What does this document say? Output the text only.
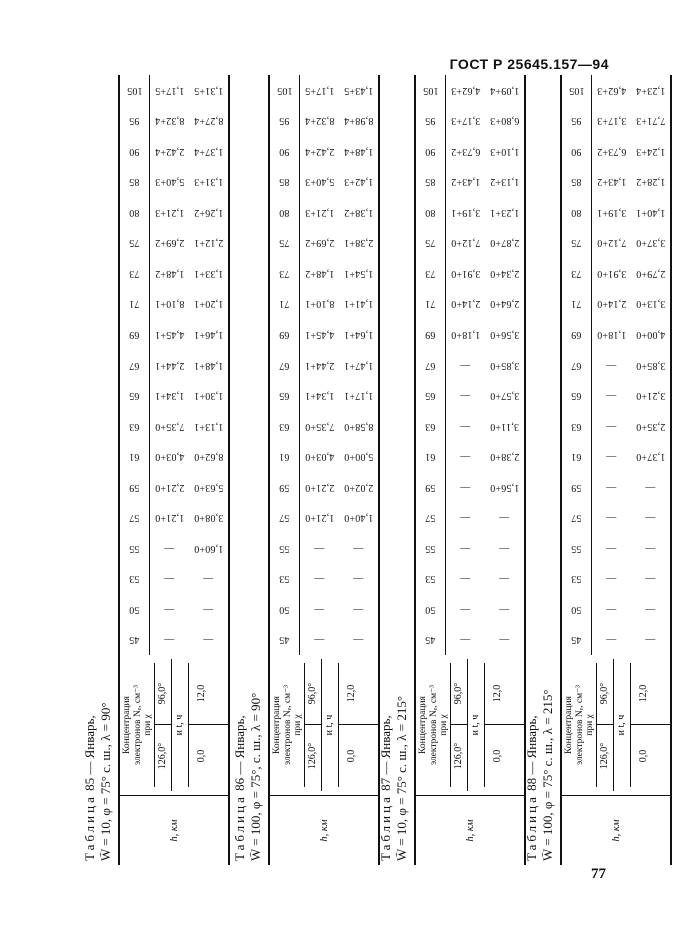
ГОСТ Р 25645.157—94
Таблица 85 — Январь, W̄ = 10, φ = 75° с. ш., λ = 90°	h, км
Концентрация электронов Nₑ, см⁻³ при χ
126,0°
96,0°
и t, ч
0,0
12,0
45 —	—
50 —	—
53 —	—
55 — 1,60+0
57 1,21+0 3,08+0
59 2,21+0 5,63+0
61 4,03+0 8,62+0
63 7,35+0 1,13+1
65 1,34+1 1,30+1
67 2,44+1 1,48+1
69 4,45+1 1,46+1
71 8,10+1 1,20+1
73 1,48+2 1,33+1
75 2,69+2 2,12+1
80 1,21+3 1,26+2
85 5,40+3 1,31+3
90 2,42+4 1,37+4
95 8,32+4 8,27+4
105 1,17+5 1,31+5
Таблица 86 — Январь, W̄ = 100, φ = 75°, с. ш., λ = 90°
h, км
Концентрация электронов Nₑ, см⁻³ при χ
126,0°
96,0°
и t, ч
0,0
12,0
45 —	—
50 —	—
53 —	—
55 —	—
57 1,21+0 1,40+0
59 2,21+0 2,02+0
61 4,03+0 5,00+0
63 7,35+0 8,58+0
65 1,34+1 1,17+1
67 2,44+1 1,47+1
69 4,45+1 1,64+1
71 8,10+1 1,41+1
73 1,48+2 1,54+1
75 2,69+2 2,38+1
80 1,21+3 1,38+2
85 5,40+3 1,42+3
90 2,42+4 1,48+4
95 8,32+4 8,98+4
105 1,17+5 1,43+5
Таблица 87 — Январь, W̄ = 10, φ = 75° с. ш., λ = 215°	h, км
Концентрация электронов Nₑ, см⁻³ при χ
126,0°
96,0°
и t, ч
0,0
12,0
45 —	—
50 —	—
53 —	—
55 —	—
57 —	—
59 — 1,56+0
61 — 2,38+0
63 — 3,11+0
65 — 3,57+0
67 — 3,85+0
69 1,18+0 3,56+0
71 2,14+0 2,64+0
73 3,91+0 2,34+0
75 7,12+0 2,87+0
80 3,19+1 1,23+1
85 1,43+2 1,13+2
90 6,73+2 1,10+3
95 3,17+3 6,80+3
105 4,62+3 1,09+4
Таблица 88 — Январь, W̄ = 100, φ = 75° с. ш., λ = 215°
h, км
Концентрация электронов Nₑ, см⁻³ при χ
126,0°
96,0°
и t, ч
0,0
12,0
45 —	—
50 —	—
53 —	—
55 —	—
57 —	—
59 —	—
61 — 1,37+0
63 — 2,35+0
65 — 3,21+0
67 — 3,85+0
69 1,18+0 4,00+0
71 2,14+0 3,13+0
73 3,91+0 2,79+0
75 7,12+0 3,37+0
80 3,19+1 1,40+1
85 1,43+2 1,28+2
90 6,73+2 1,24+3
95 3,17+3 7,71+3
105 4,62+3 1,23+4
77
